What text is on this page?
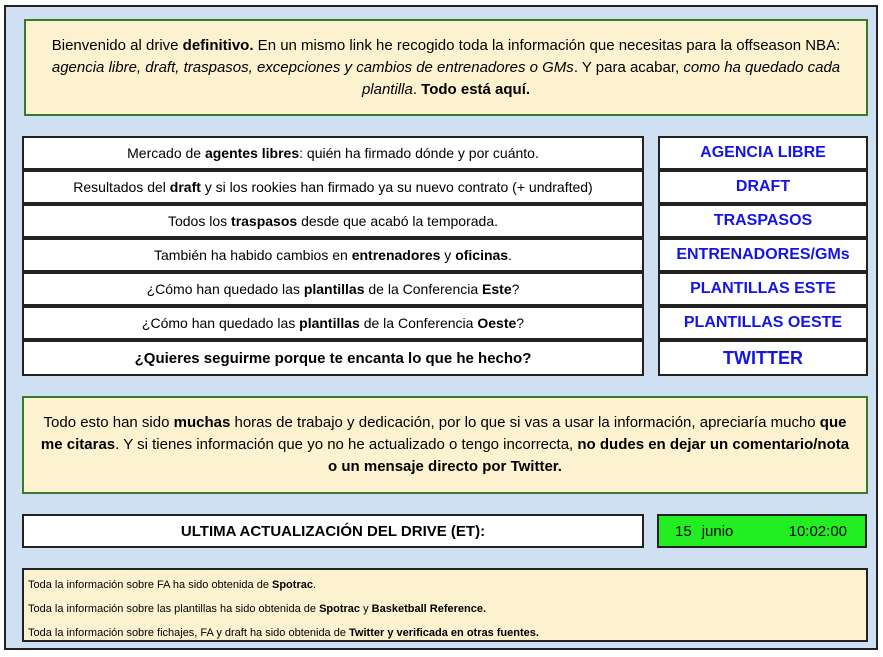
Bienvenido al drive definitivo. En un mismo link he recogido toda la información que necesitas para la offseason NBA: agencia libre, draft, traspasos, excepciones y cambios de entrenadores o GMs. Y para acabar, como ha quedado cada plantilla. Todo está aquí.

Mercado de
agentes libres : quién ha firmado dónde y por cuánto.	AGENCIA LIBRE
Resultados del
draft
y si los rookies han firmado ya su nuevo contrato (+ undrafted)	DRAFT
Todos los
traspasos
desde que acabó la temporada.	TRASPASOS
También ha habido cambios en
entrenadores
y
oficinas .	ENTRENADORES/GMs
¿Cómo han quedado las
plantillas
de la Conferencia
Este ?	PLANTILLAS ESTE
¿Cómo han quedado las
plantillas
de la Conferencia
Oeste ?	PLANTILLAS OESTE
¿Quieres seguirme porque te encanta lo que he hecho?	TWITTER

Todo esto han sido muchas horas de trabajo y dedicación, por lo que si vas a usar la información, apreciaría mucho que me citaras. Y si tienes información que yo no he actualizado o tengo incorrecta, no dudes en dejar un comentario/nota o un mensaje directo por Twitter.

ULTIMA ACTUALIZACIÓN DEL DRIVE (ET):	15 junio	10:02:00
Toda la información sobre FA ha sido obtenida de Spotrac.
Toda la información sobre las plantillas ha sido obtenida de Spotrac y Basketball Reference.
Toda la información sobre fichajes, FA y draft ha sido obtenida de Twitter y verificada en otras fuentes.
